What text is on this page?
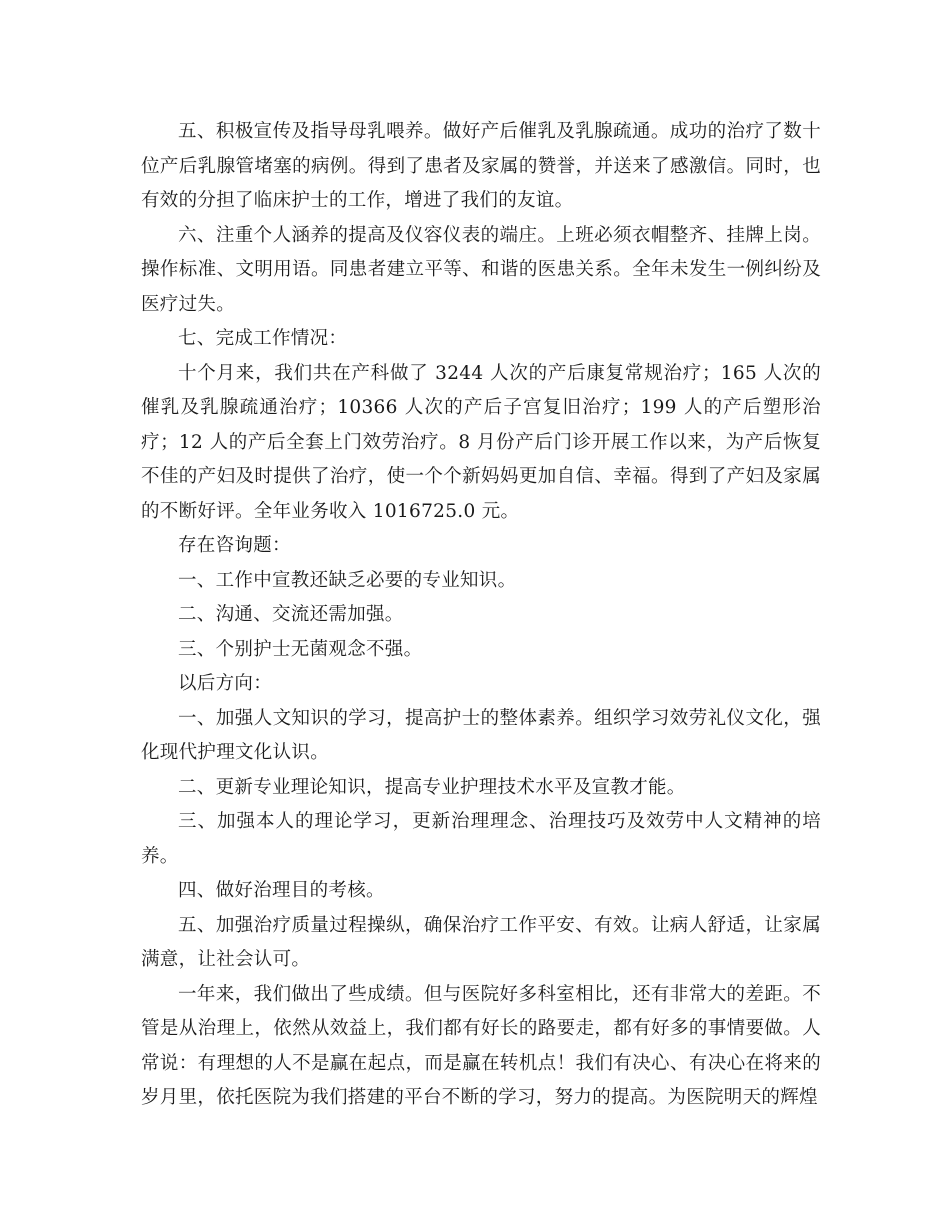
五、积极宣传及指导母乳喂养。做好产后催乳及乳腺疏通。成功的治疗了数十位产后乳腺管堵塞的病例。得到了患者及家属的赞誉，并送来了感激信。同时，也有效的分担了临床护士的工作，增进了我们的友谊。

六、注重个人涵养的提高及仪容仪表的端庄。上班必须衣帽整齐、挂牌上岗。操作标准、文明用语。同患者建立平等、和谐的医患关系。全年未发生一例纠纷及医疗过失。

七、完成工作情况：

十个月来，我们共在产科做了 3244 人次的产后康复常规治疗；165 人次的催乳及乳腺疏通治疗；10366 人次的产后子宫复旧治疗；199 人的产后塑形治疗；12 人的产后全套上门效劳治疗。8 月份产后门诊开展工作以来，为产后恢复不佳的产妇及时提供了治疗，使一个个新妈妈更加自信、幸福。得到了产妇及家属的不断好评。全年业务收入 1016725.0 元。

存在咨询题：

一、工作中宣教还缺乏必要的专业知识。

二、沟通、交流还需加强。

三、个别护士无菌观念不强。

以后方向：

一、加强人文知识的学习，提高护士的整体素养。组织学习效劳礼仪文化，强化现代护理文化认识。

二、更新专业理论知识，提高专业护理技术水平及宣教才能。

三、加强本人的理论学习，更新治理理念、治理技巧及效劳中人文精神的培养。

四、做好治理目的考核。

五、加强治疗质量过程操纵，确保治疗工作平安、有效。让病人舒适，让家属满意，让社会认可。

一年来，我们做出了些成绩。但与医院好多科室相比，还有非常大的差距。不管是从治理上，依然从效益上，我们都有好长的路要走，都有好多的事情要做。人常说：有理想的人不是赢在起点，而是赢在转机点！我们有决心、有决心在将来的岁月里，依托医院为我们搭建的平台不断的学习，努力的提高。为医院明天的辉煌
